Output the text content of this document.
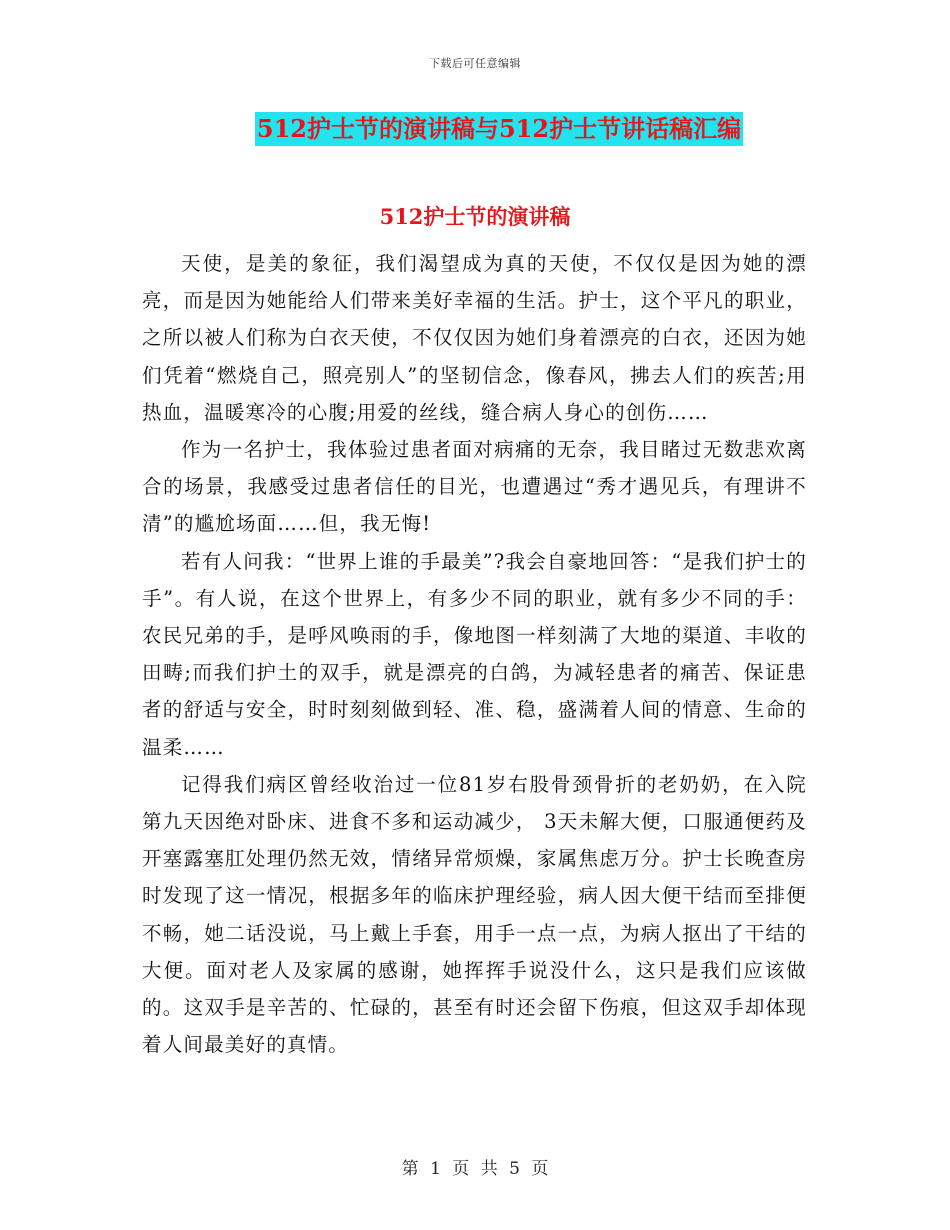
下载后可任意编辑
512护士节的演讲稿与512护士节讲话稿汇编
512护士节的演讲稿

天使，是美的象征，我们渴望成为真的天使，不仅仅是因为她的漂亮，而是因为她能给人们带来美好幸福的生活。护士，这个平凡的职业，之所以被人们称为白衣天使，不仅仅因为她们身着漂亮的白衣，还因为她们凭着“燃烧自己，照亮别人”的坚韧信念，像春风，拂去人们的疾苦;用热血，温暖寒冷的心腹;用爱的丝线，缝合病人身心的创伤……

作为一名护士，我体验过患者面对病痛的无奈，我目睹过无数悲欢离合的场景，我感受过患者信任的目光，也遭遇过“秀才遇见兵，有理讲不清”的尴尬场面……但，我无悔!

若有人问我：“世界上谁的手最美”?我会自豪地回答：“是我们护士的手”。有人说，在这个世界上，有多少不同的职业，就有多少不同的手：农民兄弟的手，是呼风唤雨的手，像地图一样刻满了大地的渠道、丰收的田畴;而我们护土的双手，就是漂亮的白鸽，为减轻患者的痛苦、保证患者的舒适与安全，时时刻刻做到轻、准、稳，盛满着人间的情意、生命的温柔……

记得我们病区曾经收治过一位81岁右股骨颈骨折的老奶奶，在入院第九天因绝对卧床、进食不多和运动减少， 3天未解大便，口服通便药及开塞露塞肛处理仍然无效，情绪异常烦燥，家属焦虑万分。护士长晚查房时发现了这一情况，根据多年的临床护理经验，病人因大便干结而至排便不畅，她二话没说，马上戴上手套，用手一点一点，为病人抠出了干结的大便。面对老人及家属的感谢，她挥挥手说没什么，这只是我们应该做的。这双手是辛苦的、忙碌的，甚至有时还会留下伤痕，但这双手却体现着人间最美好的真情。

第 1 页 共 5 页
